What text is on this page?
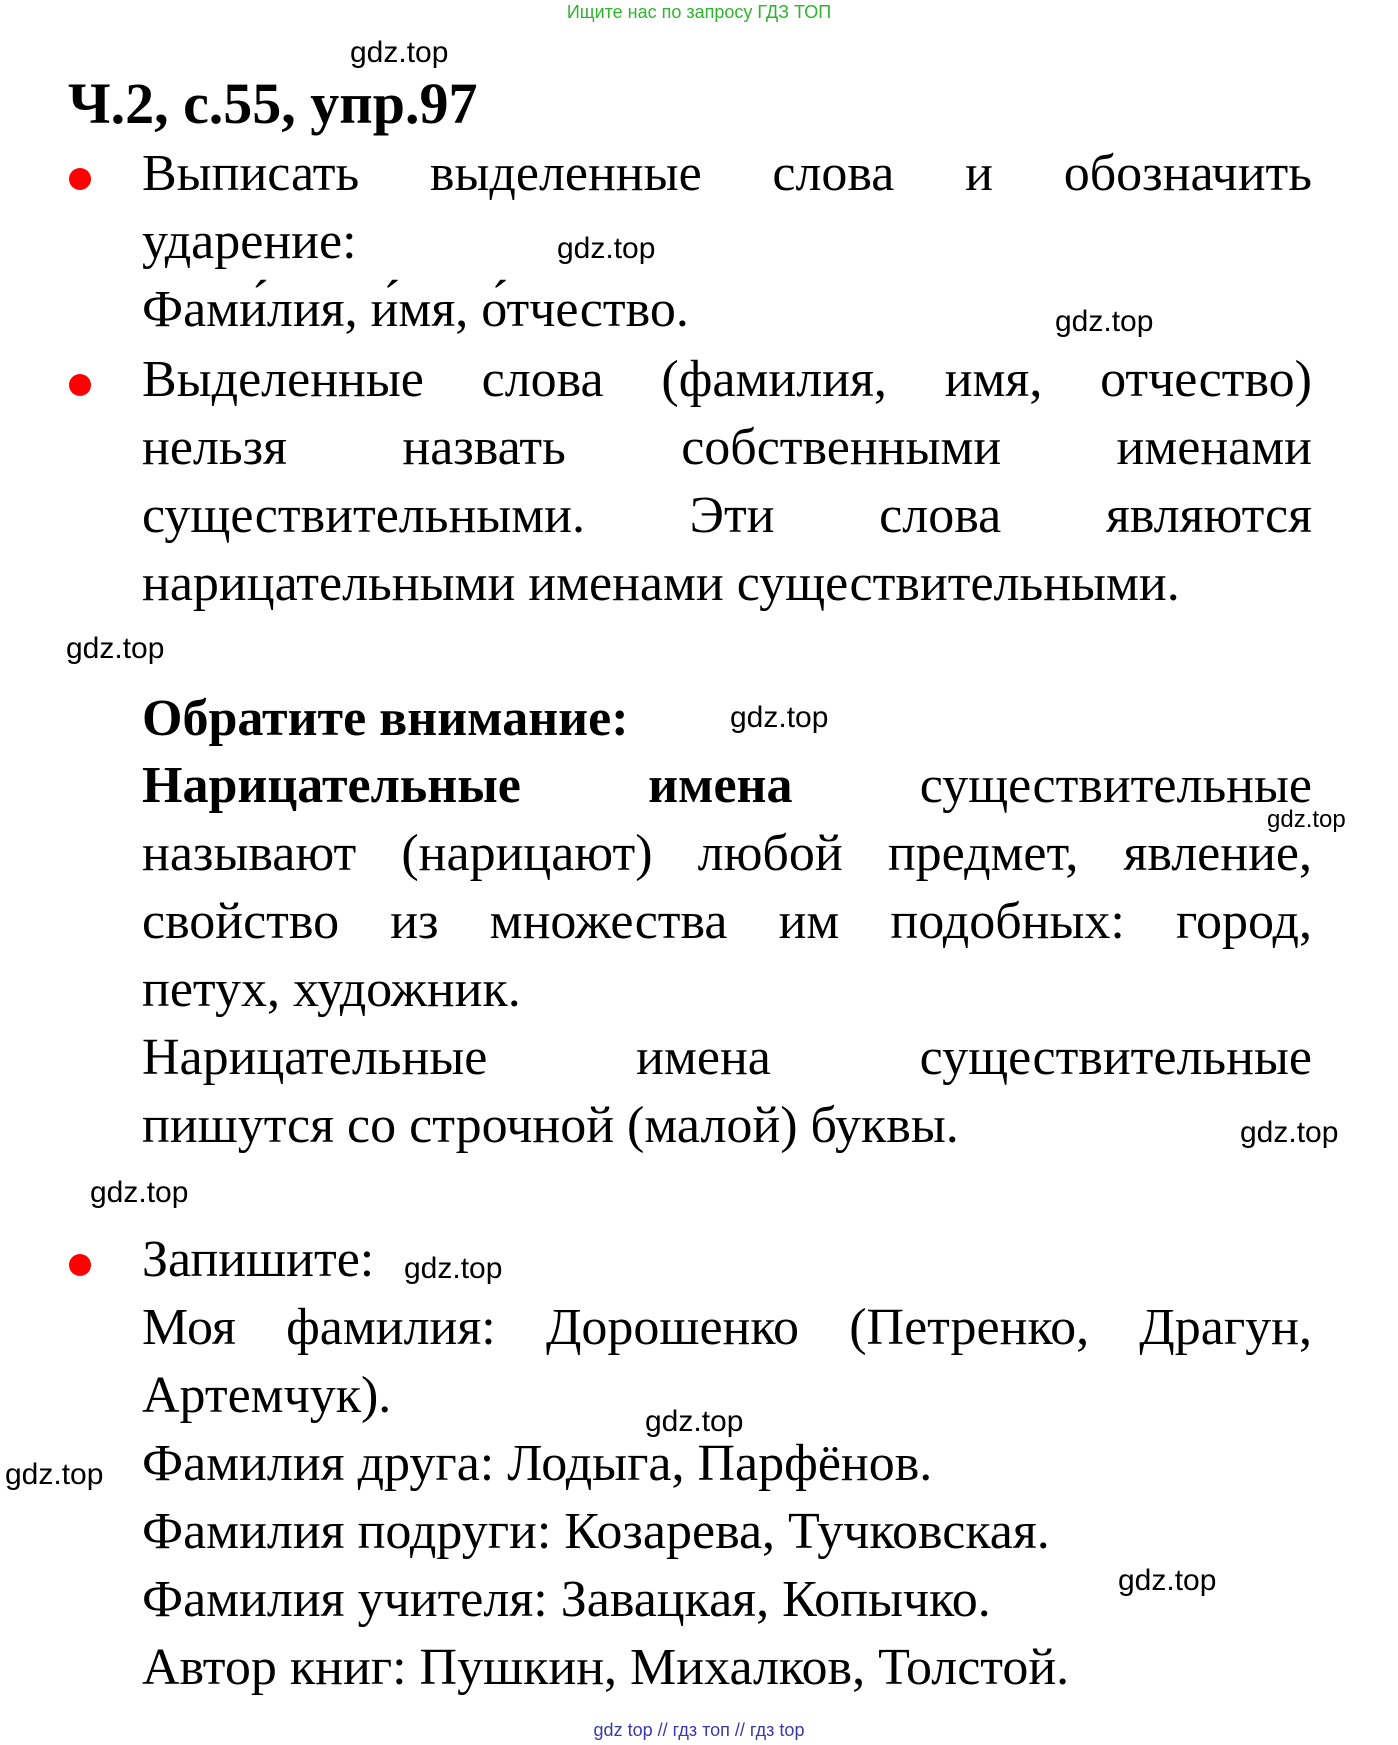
Ищите нас по запросу ГДЗ ТОП
gdz.top
gdz.top
gdz.top
gdz.top
gdz.top
gdz.top
gdz.top
gdz.top
gdz.top
gdz.top
gdz.top
gdz.top
Ч.2, с.55, упр.97
Выписать выделенные слова и обозначить
ударение:
Фами́лия, и́мя, о́тчество.
Выделенные слова (фамилия, имя, отчество)
нельзя назвать собственными именами
существительными. Эти слова являются
нарицательными именами существительными.
Обратите внимание:
Нарицательные имена существительные
называют (нарицают) любой предмет, явление,
свойство из множества им подобных: город,
петух, художник.
Нарицательные	имена	существительные
пишутся со строчной (малой) буквы.
Запишите:
Моя фамилия: Дорошенко (Петренко, Драгун,
Артемчук).
Фамилия друга: Лодыга, Парфёнов.
Фамилия подруги: Козарева, Тучковская.
Фамилия учителя: Завацкая, Копычко.
Автор книг: Пушкин, Михалков, Толстой.
gdz top // гдз топ // гдз top
